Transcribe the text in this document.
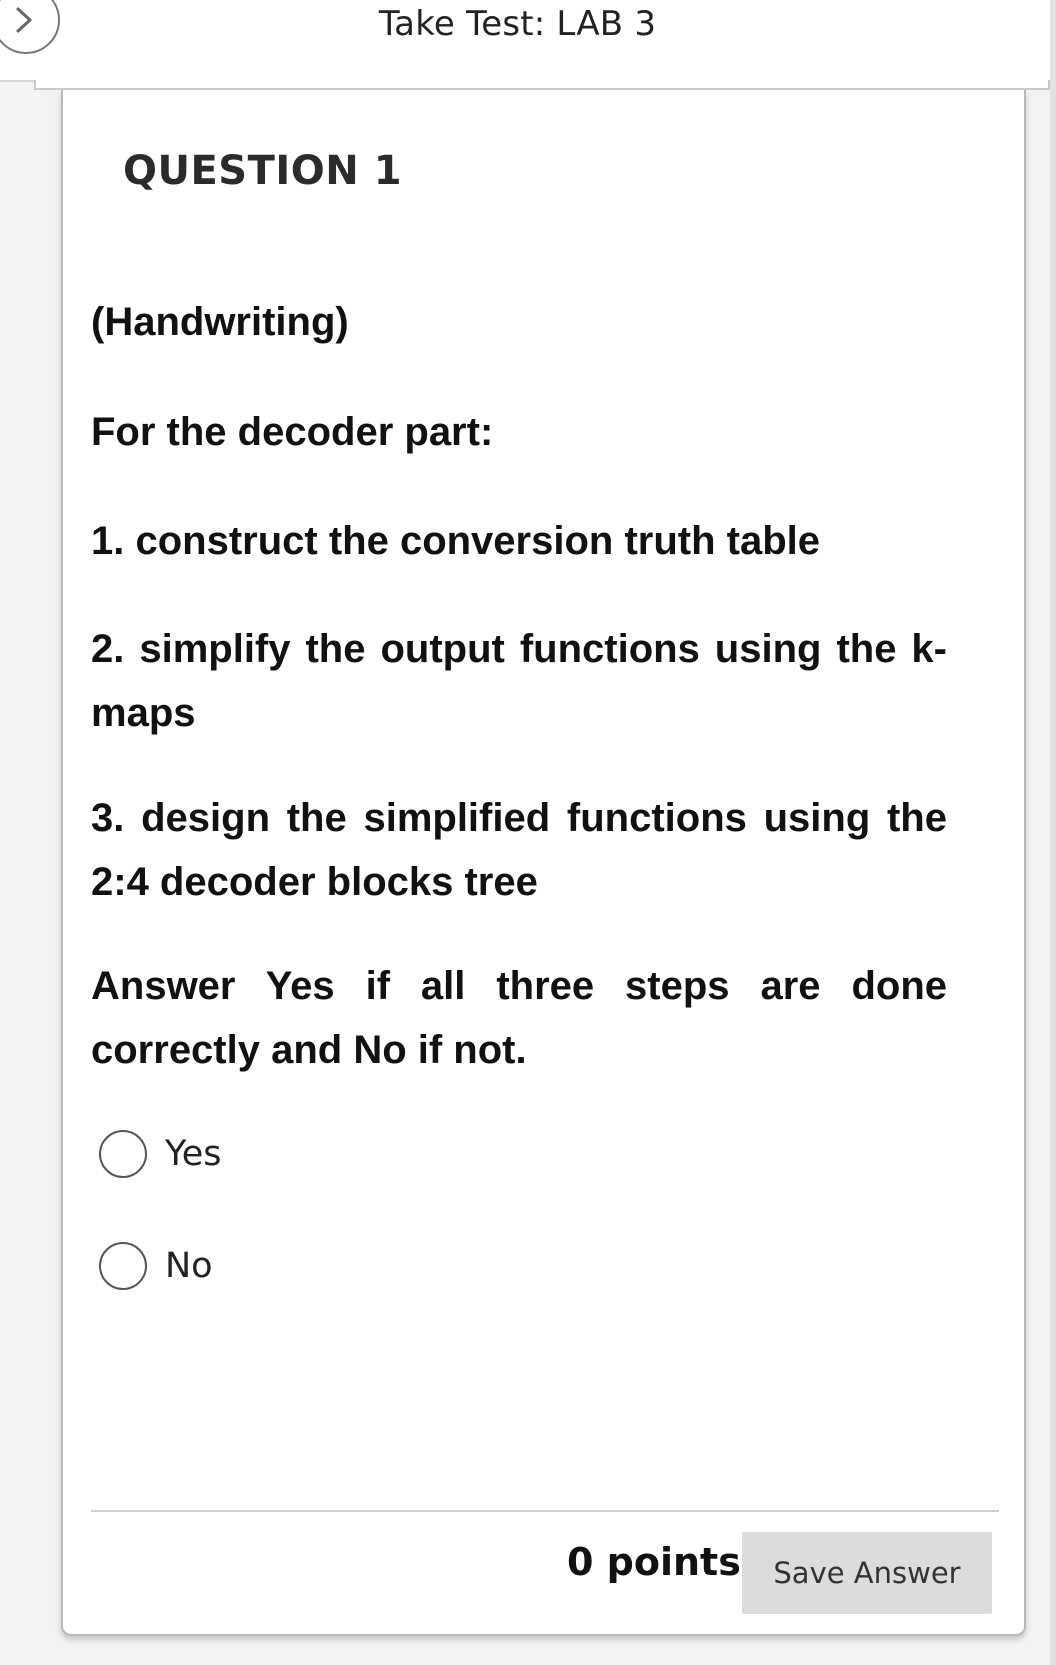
Take Test: LAB 3
QUESTION 1
(Handwriting)
For the decoder part:
1. construct the conversion truth table
2. simplify the output functions using the k-maps
3. design the simplified functions using the 2:4 decoder blocks tree
Answer Yes if all three steps are done correctly and No if not.
Yes
No
0 points	Save Answer
